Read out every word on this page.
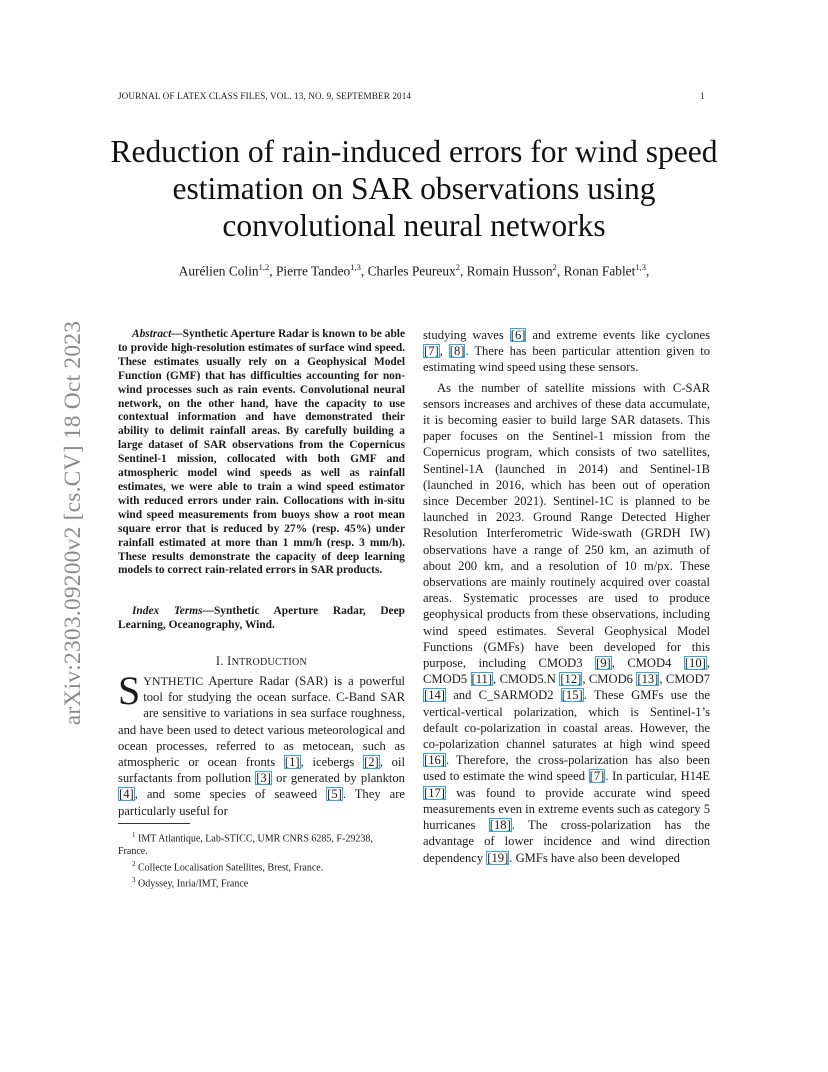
JOURNAL OF LATEX CLASS FILES, VOL. 13, NO. 9, SEPTEMBER 2014	1
Reduction of rain-induced errors for wind speed estimation on SAR observations using convolutional neural networks
Aurélien Colin$^{1,2}$, Pierre Tandeo$^{1,3}$, Charles Peureux$^2$, Romain Husson$^2$, Ronan Fablet$^{1,3}$,
arXiv:2303.09200v2 [cs.CV] 18 Oct 2023	Abstract—Synthetic Aperture Radar is known to be able to provide high-resolution estimates of surface wind speed. These estimates usually rely on a Geophysical Model Function (GMF) that has difficulties accounting for non-wind processes such as rain events. Convolutional neural network, on the other hand, have the capacity to use contextual information and have demonstrated their ability to delimit rainfall areas. By carefully building a large dataset of SAR observations from the Copernicus Sentinel-1 mission, collocated with both GMF and atmospheric model wind speeds as well as rainfall estimates, we were able to train a wind speed estimator with reduced errors under rain. Collocations with in-situ wind speed measurements from buoys show a root mean square error that is reduced by 27% (resp. 45%) under rainfall estimated at more than 1 mm/h (resp. 3 mm/h). These results demonstrate the capacity of deep learning models to correct rain-related errors in SAR products.

Index Terms—Synthetic Aperture Radar, Deep Learning, Oceanography, Wind.

I. INTRODUCTION

SYNTHETIC Aperture Radar (SAR) is a powerful tool for studying the ocean surface. C-Band SAR are sensitive to variations in sea surface roughness, and have been used to detect various meteorological and ocean processes, referred to as metocean, such as atmospheric or ocean fronts [1], icebergs [2], oil surfactants from pollution [3] or generated by plankton [4], and some species of seaweed [5]. They are particularly useful for

$^1$ IMT Atlantique, Lab-STICC, UMR CNRS 6285, F-29238, France.

$^2$ Collecte Localisation Satellites, Brest, France.

$^3$ Odyssey, Inria/IMT, France

studying waves [6] and extreme events like cyclones [7], [8]. There has been particular attention given to estimating wind speed using these sensors.

As the number of satellite missions with C-SAR sensors increases and archives of these data accumulate, it is becoming easier to build large SAR datasets. This paper focuses on the Sentinel-1 mission from the Copernicus program, which consists of two satellites, Sentinel-1A (launched in 2014) and Sentinel-1B (launched in 2016, which has been out of operation since December 2021). Sentinel-1C is planned to be launched in 2023. Ground Range Detected Higher Resolution Interferometric Wide-swath (GRDH IW) observations have a range of 250 km, an azimuth of about 200 km, and a resolution of 10 m/px. These observations are mainly routinely acquired over coastal areas. Systematic processes are used to produce geophysical products from these observations, including wind speed estimates. Several Geophysical Model Functions (GMFs) have been developed for this purpose, including CMOD3 [9], CMOD4 [10], CMOD5 [11], CMOD5.N [12], CMOD6 [13], CMOD7 [14] and C_SARMOD2 [15]. These GMFs use the vertical-vertical polarization, which is Sentinel-1’s default co-polarization in coastal areas. However, the co-polarization channel saturates at high wind speed [16]. Therefore, the cross-polarization has also been used to estimate the wind speed [7]. In particular, H14E [17] was found to provide accurate wind speed measurements even in extreme events such as category 5 hurricanes [18]. The cross-polarization has the advantage of lower incidence and wind direction dependency [19]. GMFs have also been developed
